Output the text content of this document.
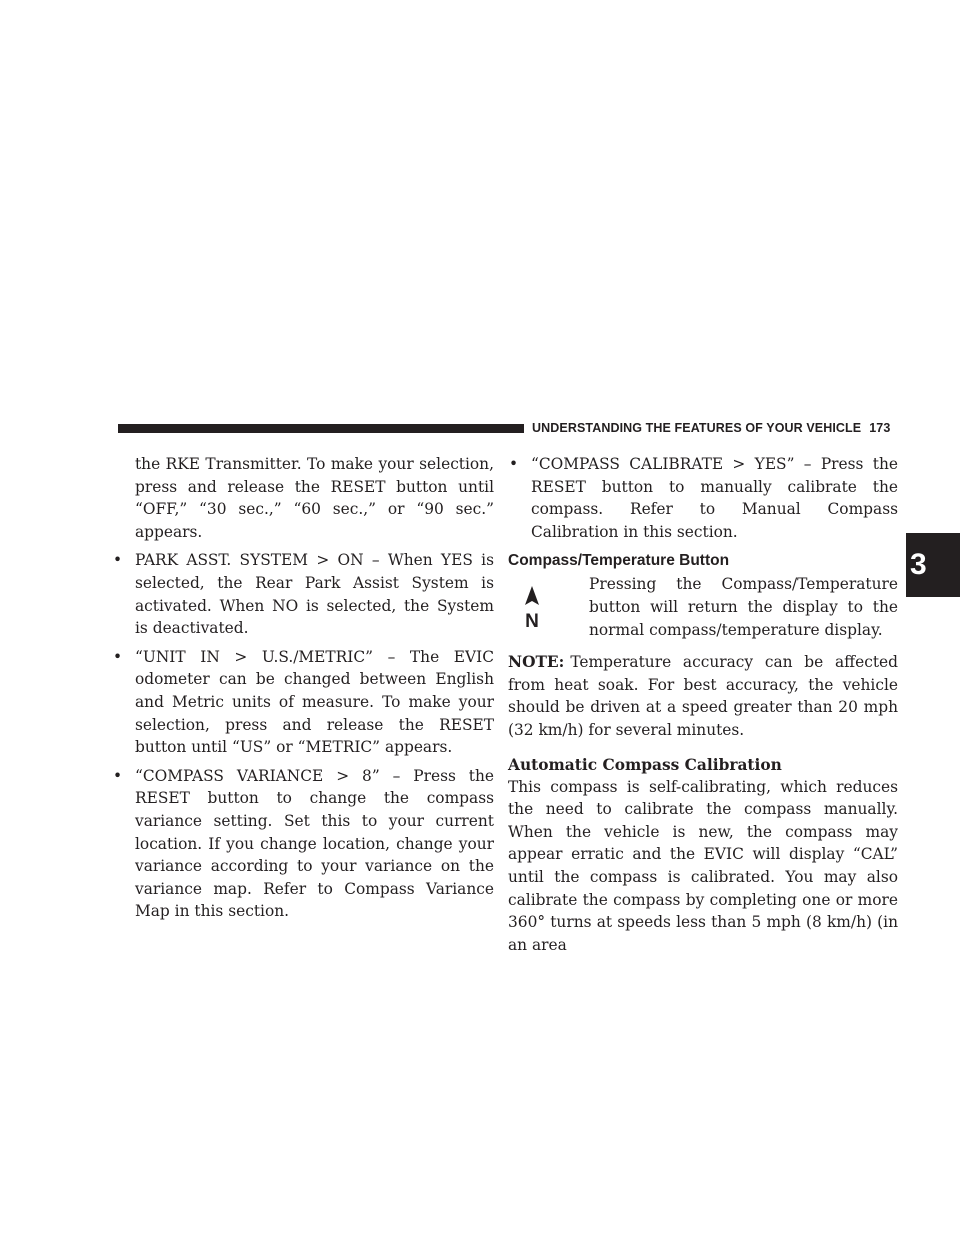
UNDERSTANDING THE FEATURES OF YOUR VEHICLE 173
3

the RKE Transmitter. To make your selection, press and release the RESET button until “OFF,” “30 sec.,” “60 sec.,” or “90 sec.” appears.

• PARK ASST. SYSTEM > ON – When YES is selected, the Rear Park Assist System is activated. When NO is selected, the System is deactivated.

• “UNIT IN > U.S./METRIC” – The EVIC odometer can be changed between English and Metric units of measure. To make your selection, press and release the RESET button until “US” or “METRIC” appears.

• “COMPASS VARIANCE > 8” – Press the RESET button to change the compass variance setting. Set this to your current location. If you change location, change your variance according to your variance on the variance map. Refer to Compass Variance Map in this section.

• “COMPASS CALIBRATE > YES” – Press the RESET button to manually calibrate the compass. Refer to Manual Compass Calibration in this section.

Compass/Temperature Button
N

Pressing the Compass/Temperature button will return the display to the normal compass/temperature display.

NOTE: Temperature accuracy can be affected from heat soak. For best accuracy, the vehicle should be driven at a speed greater than 20 mph (32 km/h) for several minutes.

Automatic Compass Calibration

This compass is self-calibrating, which reduces the need to calibrate the compass manually. When the vehicle is new, the compass may appear erratic and the EVIC will display “CAL” until the compass is calibrated. You may also calibrate the compass by completing one or more 360° turns at speeds less than 5 mph (8 km/h) (in an area
